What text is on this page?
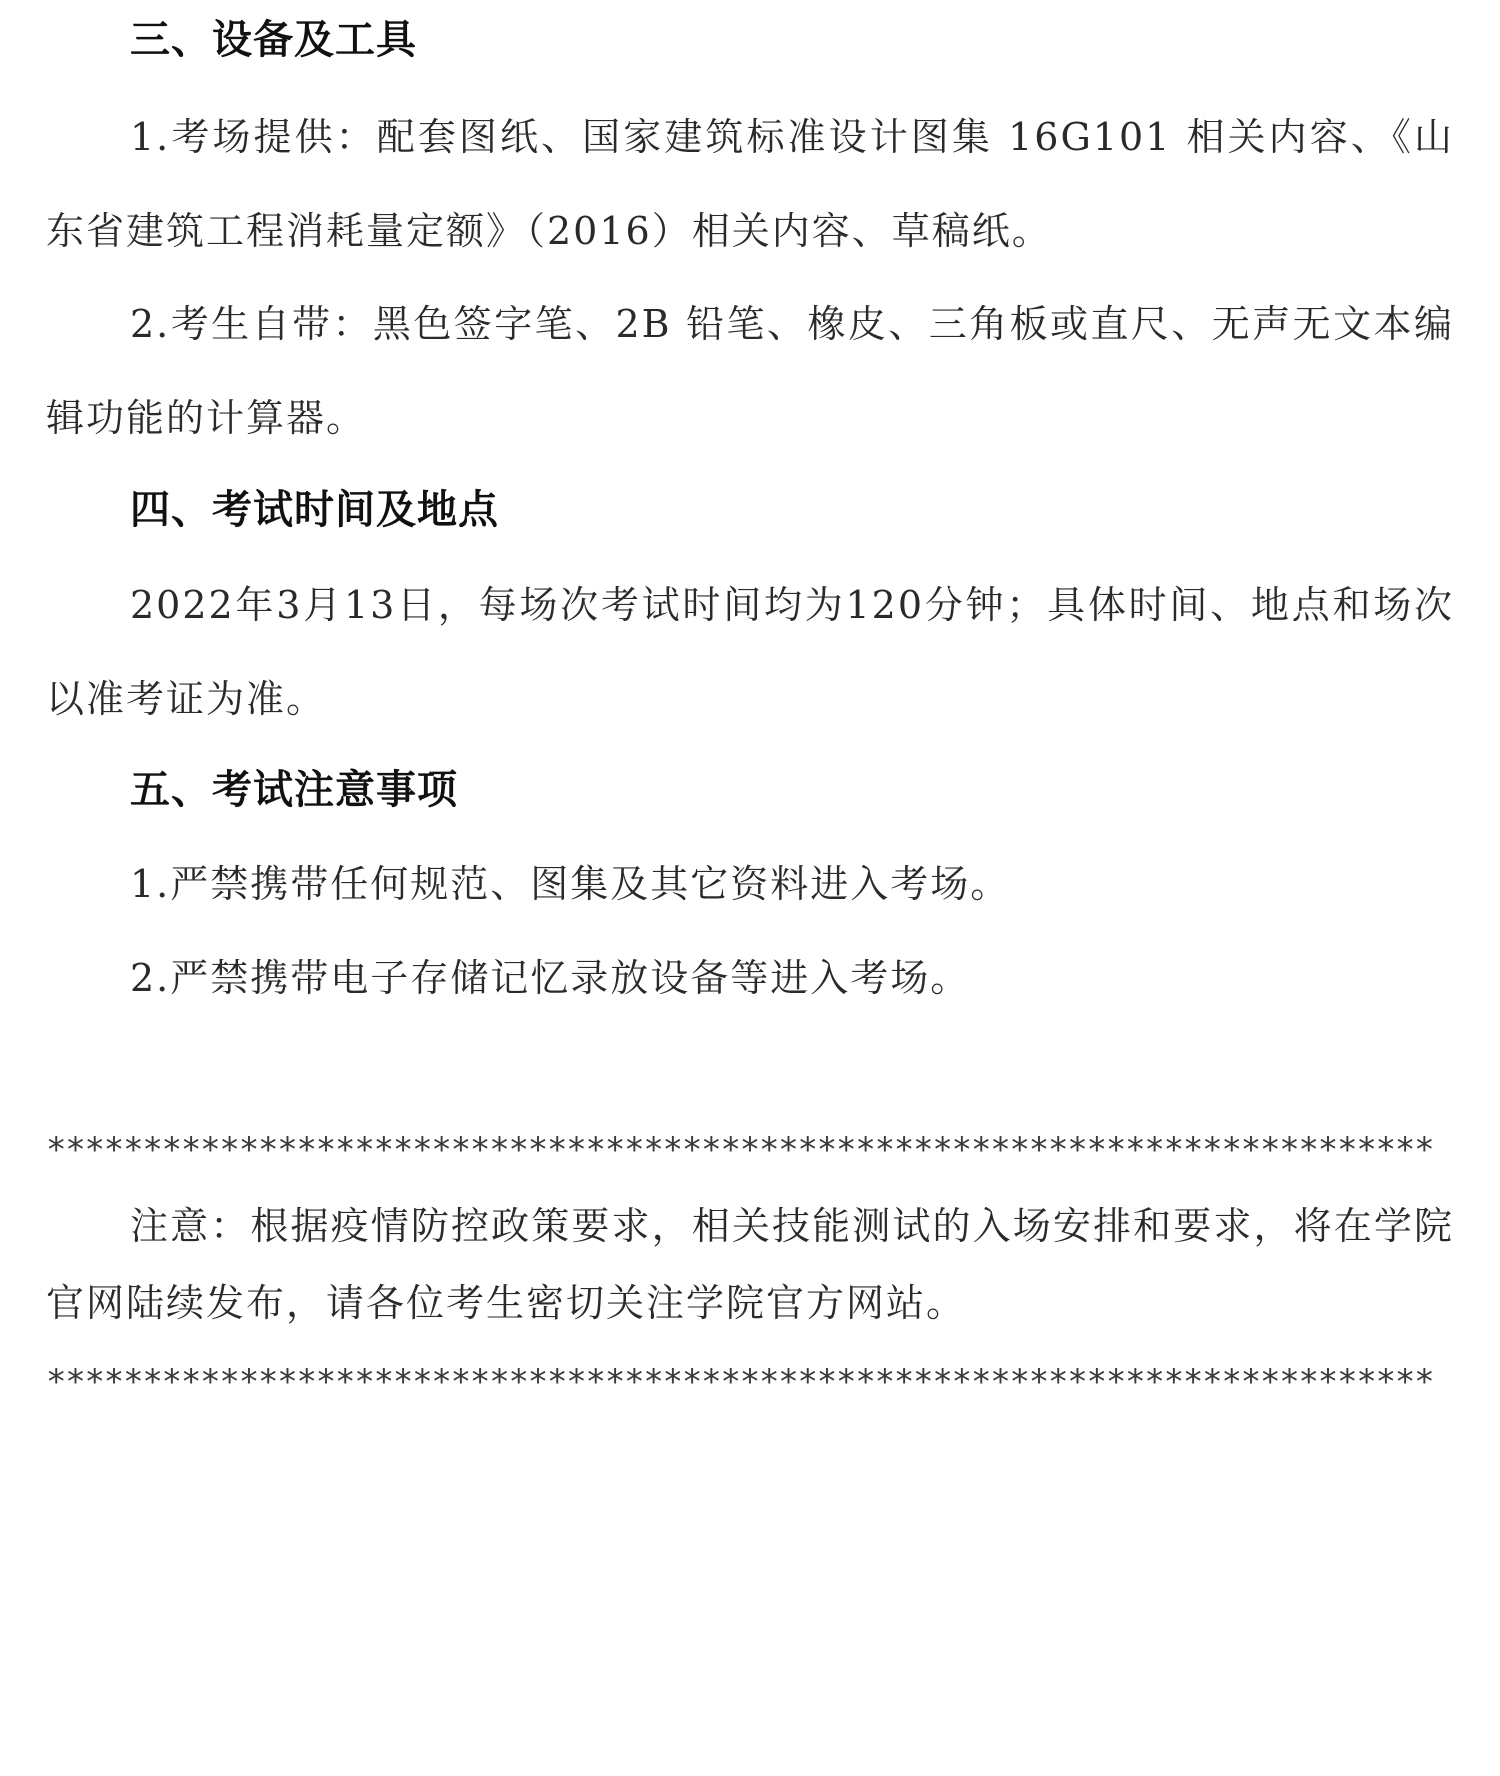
三、设备及工具
1.考场提供：配套图纸、国家建筑标准设计图集 16G101 相关内容、《山东省建筑工程消耗量定额》（2016）相关内容、草稿纸。
2.考生自带：黑色签字笔、2B 铅笔、橡皮、三角板或直尺、无声无文本编辑功能的计算器。
四、考试时间及地点
2022年3月13日，每场次考试时间均为120分钟；具体时间、地点和场次以准考证为准。
五、考试注意事项
1.严禁携带任何规范、图集及其它资料进入考场。
2.严禁携带电子存储记忆录放设备等进入考场。
************************************************************************
注意：根据疫情防控政策要求，相关技能测试的入场安排和要求，将在学院官网陆续发布，请各位考生密切关注学院官方网站。
************************************************************************
